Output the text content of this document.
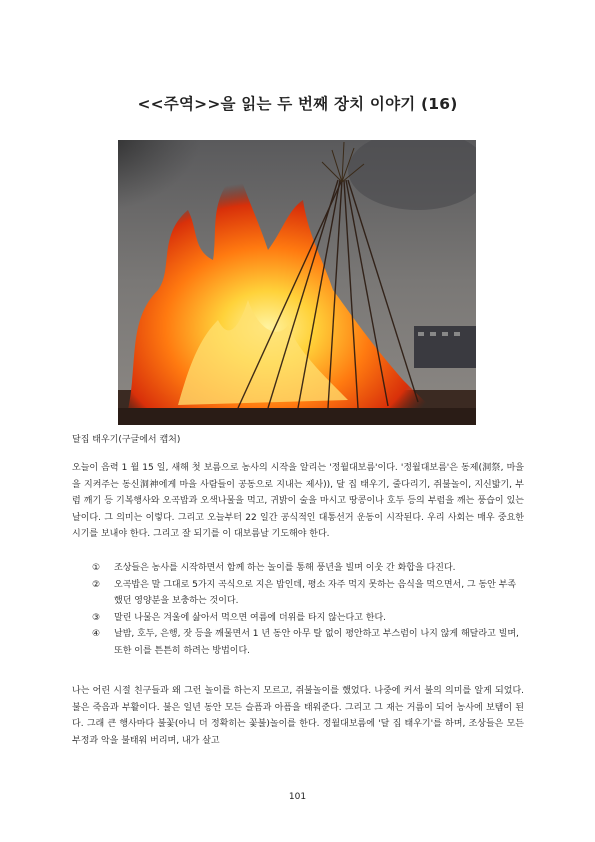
<<주역>>을 읽는 두 번째 장치 이야기 (16)
달집 태우기(구글에서 캡처)

오늘이 음력 1 월 15 일, 새해 첫 보름으로 농사의 시작을 알리는 '정월대보름'이다. '정월대보름'은 동제(洞祭, 마을을 지켜주는 동신洞神에게 마을 사람들이 공동으로 지내는 제사)), 달 집 태우기, 줄다리기, 쥐불놀이, 지신밟기, 부럼 깨기 등 기복행사와 오곡밥과 오색나물을 먹고, 귀밝이 술을 마시고 땅콩이나 호두 등의 부럼을 깨는 풍습이 있는 날이다. 그 의미는 이렇다. 그리고 오늘부터 22 일간 공식적인 대통선거 운동이 시작된다. 우리 사회는 매우 중요한 시기를 보내야 한다. 그리고 잘 되기를 이 대보름날 기도해야 한다.

①	조상들은 농사를 시작하면서 함께 하는 놀이를 통해 풍년을 빌며 이웃 간 화합을 다진다.
②	오곡밥은 말 그대로 5가지 곡식으로 지은 밥인데, 평소 자주 먹지 못하는 음식을 먹으면서, 그 동안 부족했던 영양분을 보충하는 것이다.
③	말린 나물은 겨울에 삶아서 먹으면 여름에 더위를 타지 않는다고 한다.
④	날밤, 호두, 은행, 잣 등을 깨물면서 1 년 동안 아무 탈 없이 평안하고 부스럼이 나지 않게 해달라고 빌며, 또한 이를 튼튼히 하려는 방법이다.

나는 어린 시절 친구들과 왜 그런 놀이를 하는지 모르고, 쥐불놀이를 했었다. 나중에 커서 불의 의미를 알게 되었다. 불은 죽음과 부활이다. 불은 일년 동안 모든 슬픔과 아픔을 태워준다. 그리고 그 재는 거름이 되어 농사에 보탬이 된다. 그래 큰 행사마다 불꽃(아니 더 정확히는 꽃불)놀이를 한다. 정월대보름에 '달 집 태우기'를 하며, 조상들은 모든 부정과 악을 불태워 버리며, 내가 살고

101
